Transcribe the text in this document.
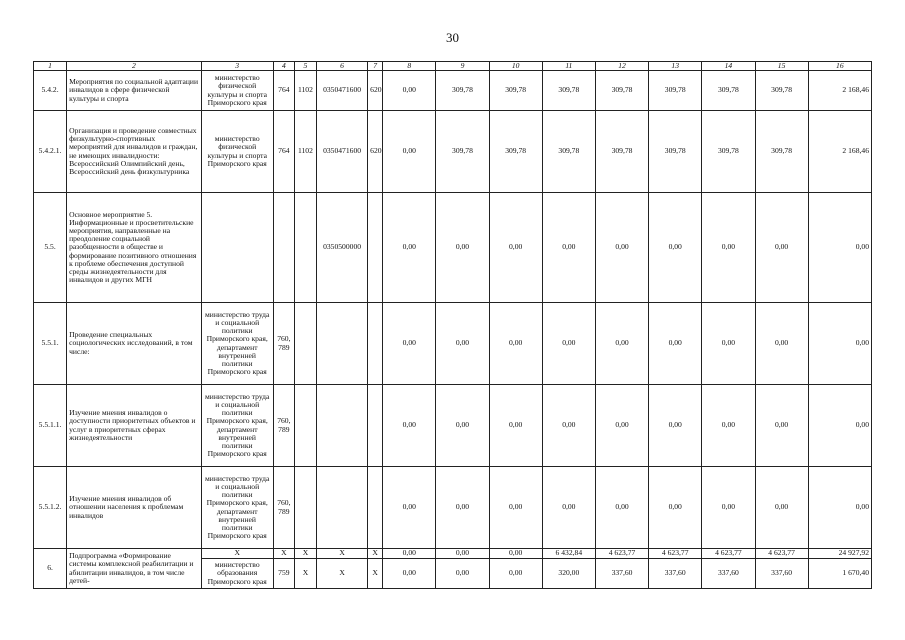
30
1	2	3	4	5	6	7	8	9	10	11	12	13	14	15	16
5.4.2.	Мероприятия по социальной адаптации инвалидов в сфере физической культуры и спорта	министерство физической культуры и спорта Приморского края	764	1102	0350471600	620	0,00	309,78	309,78	309,78	309,78	309,78	309,78	309,78	2 168,46
5.4.2.1.	Организация и проведение совместных физкультурно-спортивных мероприятий для инвалидов и граждан, не имеющих инвалидности: Всероссийский Олимпийский день, Всероссийский день физкультурника	министерство физической культуры и спорта Приморского края	764	1102	0350471600	620	0,00	309,78	309,78	309,78	309,78	309,78	309,78	309,78	2 168,46
5.5.	Основное мероприятие 5. Информационные и просветительские мероприятия, направленные на преодоление социальной разобщенности в обществе и формирование позитивного отношения к проблеме обеспечения доступной среды жизнедеятельности для инвалидов и других МГН				0350500000		0,00	0,00	0,00	0,00	0,00	0,00	0,00	0,00	0,00
5.5.1.	Проведение специальных социологических исследований, в том числе:	министерство труда и социальной политики Приморского края, департамент внутренней политики Приморского края	760, 789				0,00	0,00	0,00	0,00	0,00	0,00	0,00	0,00	0,00
5.5.1.1.	Изучение мнения инвалидов о доступности приоритетных объектов и услуг в приоритетных сферах жизнедеятельности	министерство труда и социальной политики Приморского края, департамент внутренней политики Приморского края	760, 789				0,00	0,00	0,00	0,00	0,00	0,00	0,00	0,00	0,00
5.5.1.2.	Изучение мнения инвалидов об отношении населения к проблемам инвалидов	министерство труда и социальной политики Приморского края, департамент внутренней политики Приморского края	760, 789				0,00	0,00	0,00	0,00	0,00	0,00	0,00	0,00	0,00
6.	Подпрограмма «Формирование системы комплексной реабилитации и абилитации инвалидов, в том числе детей-	X	X	X	X	X	0,00	0,00	0,00	6 432,84	4 623,77	4 623,77	4 623,77	4 623,77	24 927,92
		министерство образования Приморского края	759	X	X	X	0,00	0,00	0,00	320,00	337,60	337,60	337,60	337,60	1 670,40
